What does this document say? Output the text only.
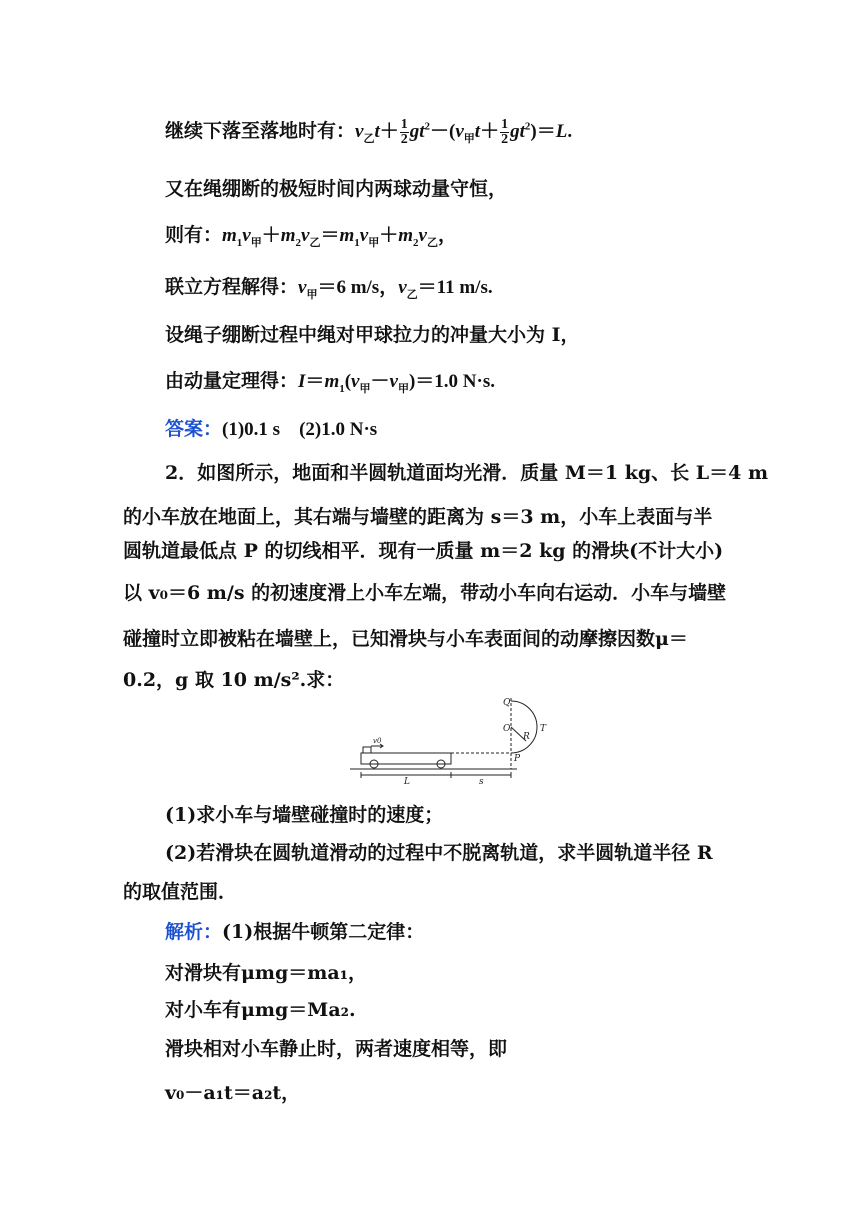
继续下落至落地时有：$v_乙t+ \frac{1}{2} gt^2-(v_甲t+ \frac{1}{2} gt^2)=L$.
又在绳绷断的极短时间内两球动量守恒，
则有：$m_1v_甲+m_2v_乙=m_1v_甲+m_2v_乙$，
联立方程解得：$v_甲=6$ m/s，$v_乙=11$ m/s.
设绳子绷断过程中绳对甲球拉力的冲量大小为 I，
由动量定理得：$I=m_1(v_甲-v_甲)=1.0$ N·s.
答案：(1)0.1 s　(2)1.0 N·s
2．如图所示，地面和半圆轨道面均光滑．质量 M＝1 kg、长 L＝4 m
的小车放在地面上，其右端与墙壁的距离为 s＝3 m，小车上表面与半
圆轨道最低点 P 的切线相平．现有一质量 m＝2 kg 的滑块(不计大小)
以 v₀＝6 m/s 的初速度滑上小车左端，带动小车向右运动．小车与墙壁
碰撞时立即被粘在墙壁上，已知滑块与小车表面间的动摩擦因数μ＝
0.2，g 取 10 m/s².求：
Q
O	T
R
P
L	s
v0
(1)求小车与墙壁碰撞时的速度；
(2)若滑块在圆轨道滑动的过程中不脱离轨道，求半圆轨道半径 R
的取值范围．
解析：(1)根据牛顿第二定律：
对滑块有μmg＝ma₁，
对小车有μmg＝Ma₂.
滑块相对小车静止时，两者速度相等，即
v₀－a₁t＝a₂t，
